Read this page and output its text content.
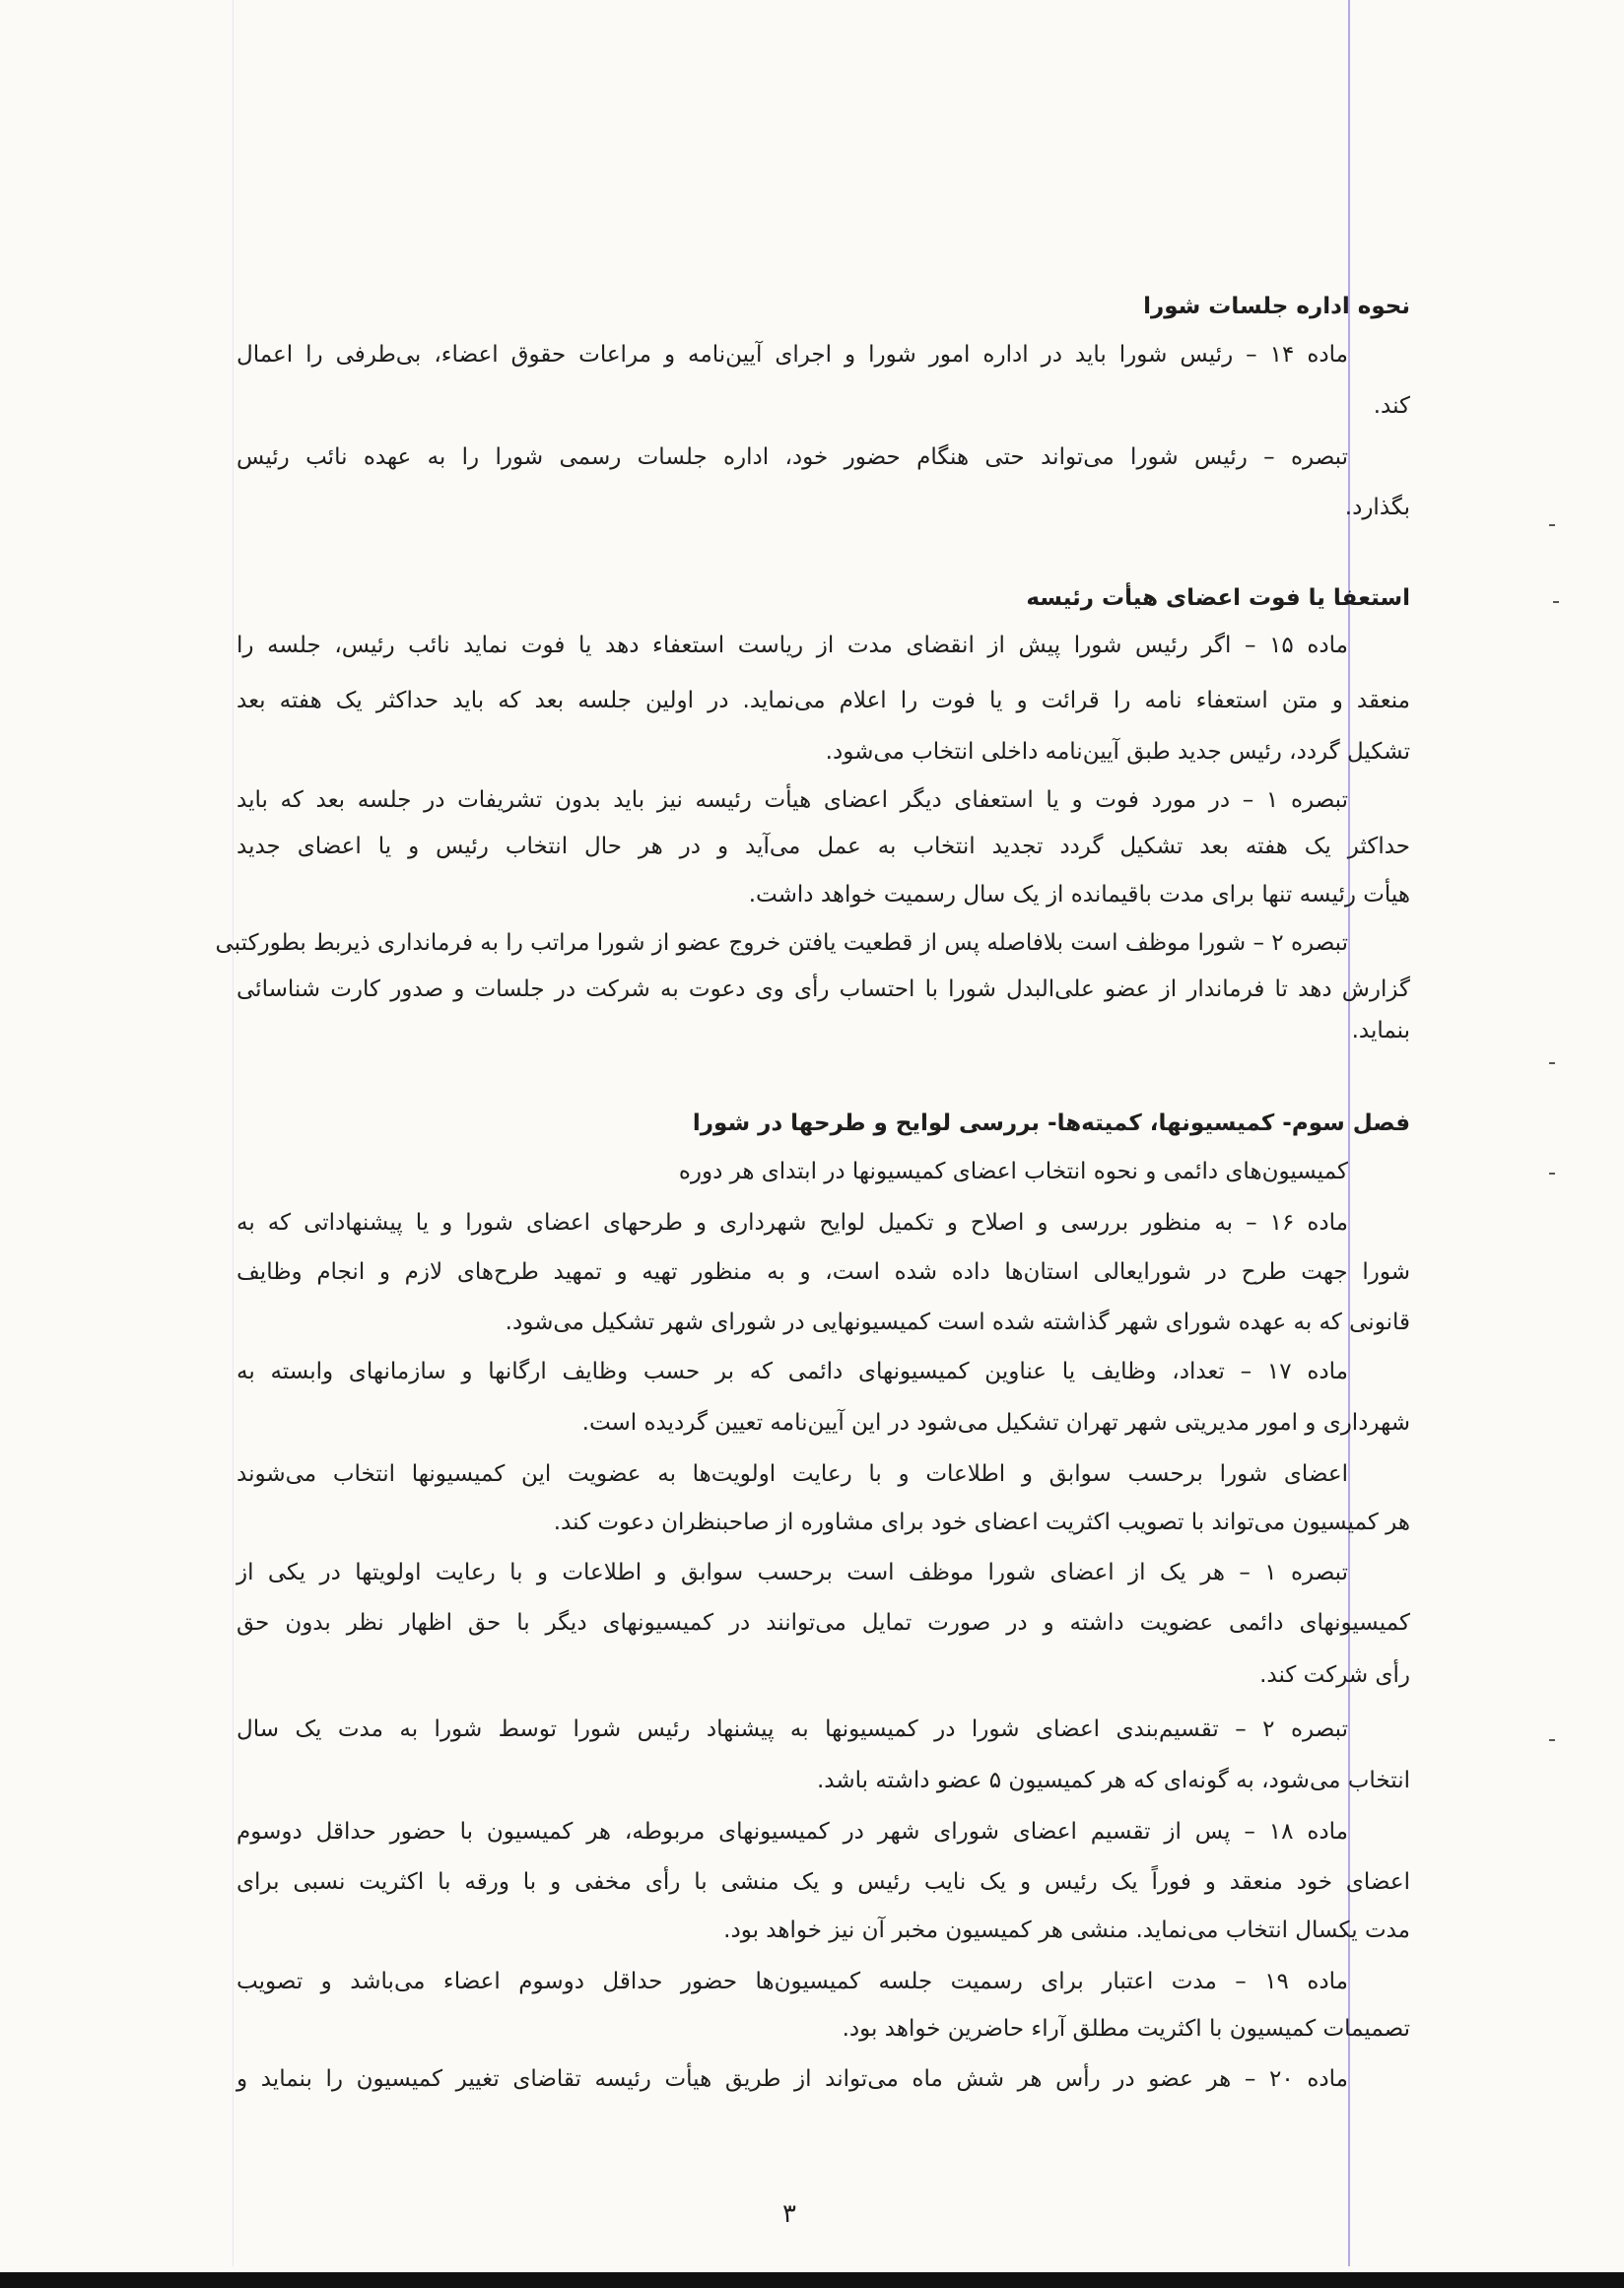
نحوه اداره جلسات شورا
ماده ۱۴ – رئیس شورا باید در اداره امور شورا و اجرای آیین‌نامه و مراعات حقوق اعضاء، بی‌طرفی را اعمال
کند.
تبصره – رئیس شورا می‌تواند حتی هنگام حضور خود، اداره جلسات رسمی شورا را به عهده نائب رئیس
بگذارد.
استعفا یا فوت اعضای هیأت رئیسه
ماده ۱۵ – اگر رئیس شورا پیش از انقضای مدت از ریاست استعفاء دهد یا فوت نماید نائب رئیس، جلسه را
منعقد و متن استعفاء نامه را قرائت و یا فوت را اعلام می‌نماید. در اولین جلسه بعد که باید حداکثر یک هفته بعد
تشکیل گردد، رئیس جدید طبق آیین‌نامه داخلی انتخاب می‌شود.
تبصره ۱ – در مورد فوت و یا استعفای دیگر اعضای هیأت رئیسه نیز باید بدون تشریفات در جلسه بعد که باید
حداکثر یک هفته بعد تشکیل گردد تجدید انتخاب به عمل می‌آید و در هر حال انتخاب رئیس و یا اعضای جدید
هیأت رئیسه تنها برای مدت باقیمانده از یک سال رسمیت خواهد داشت.
تبصره ۲ – شورا موظف است بلافاصله پس از قطعیت یافتن خروج عضو از شورا مراتب را به فرمانداری ذیربط بطورکتبی
گزارش دهد تا فرماندار از عضو علی‌البدل شورا با احتساب رأی وی دعوت به شرکت در جلسات و صدور کارت شناسائی
بنماید.
فصل سوم- کمیسیونها، کمیته‌ها- بررسی لوایح و طرحها در شورا
کمیسیون‌های دائمی و نحوه انتخاب اعضای کمیسیونها در ابتدای هر دوره
ماده ۱۶ – به منظور بررسی و اصلاح و تکمیل لوایح شهرداری و طرحهای اعضای شورا و یا پیشنهاداتی که به
شورا جهت طرح در شورایعالی استان‌ها داده شده است، و به منظور تهیه و تمهید طرح‌های لازم و انجام وظایف
قانونی که به عهده شورای شهر گذاشته شده است کمیسیونهایی در شورای شهر تشکیل می‌شود.
ماده ۱۷ – تعداد، وظایف یا عناوین کمیسیونهای دائمی که بر حسب وظایف ارگانها و سازمانهای وابسته به
شهرداری و امور مدیریتی شهر تهران تشکیل می‌شود در این آیین‌نامه تعیین گردیده است.
اعضای شورا برحسب سوابق و اطلاعات و با رعایت اولویت‌ها به عضویت این کمیسیونها انتخاب می‌شوند
هر کمیسیون می‌تواند با تصویب اکثریت اعضای خود برای مشاوره از صاحبنظران دعوت کند.
تبصره ۱ – هر یک از اعضای شورا موظف است برحسب سوابق و اطلاعات و با رعایت اولویتها در یکی از
کمیسیونهای دائمی عضویت داشته و در صورت تمایل می‌توانند در کمیسیونهای دیگر با حق اظهار نظر بدون حق
رأی شرکت کند.
تبصره ۲ – تقسیم‌بندی اعضای شورا در کمیسیونها به پیشنهاد رئیس شورا توسط شورا به مدت یک سال
انتخاب می‌شود، به گونه‌ای که هر کمیسیون ۵ عضو داشته باشد.
ماده ۱۸ – پس از تقسیم اعضای شورای شهر در کمیسیونهای مربوطه، هر کمیسیون با حضور حداقل دوسوم
اعضای خود منعقد و فوراً یک رئیس و یک نایب رئیس و یک منشی با رأی مخفی و با ورقه با اکثریت نسبی برای
مدت یکسال انتخاب می‌نماید. منشی هر کمیسیون مخبر آن نیز خواهد بود.
ماده ۱۹ – مدت اعتبار برای رسمیت جلسه کمیسیون‌ها حضور حداقل دوسوم اعضاء می‌باشد و تصویب
تصمیمات کمیسیون با اکثریت مطلق آراء حاضرین خواهد بود.
ماده ۲۰ – هر عضو در رأس هر شش ماه می‌تواند از طریق هیأت رئیسه تقاضای تغییر کمیسیون را بنماید و
۳
